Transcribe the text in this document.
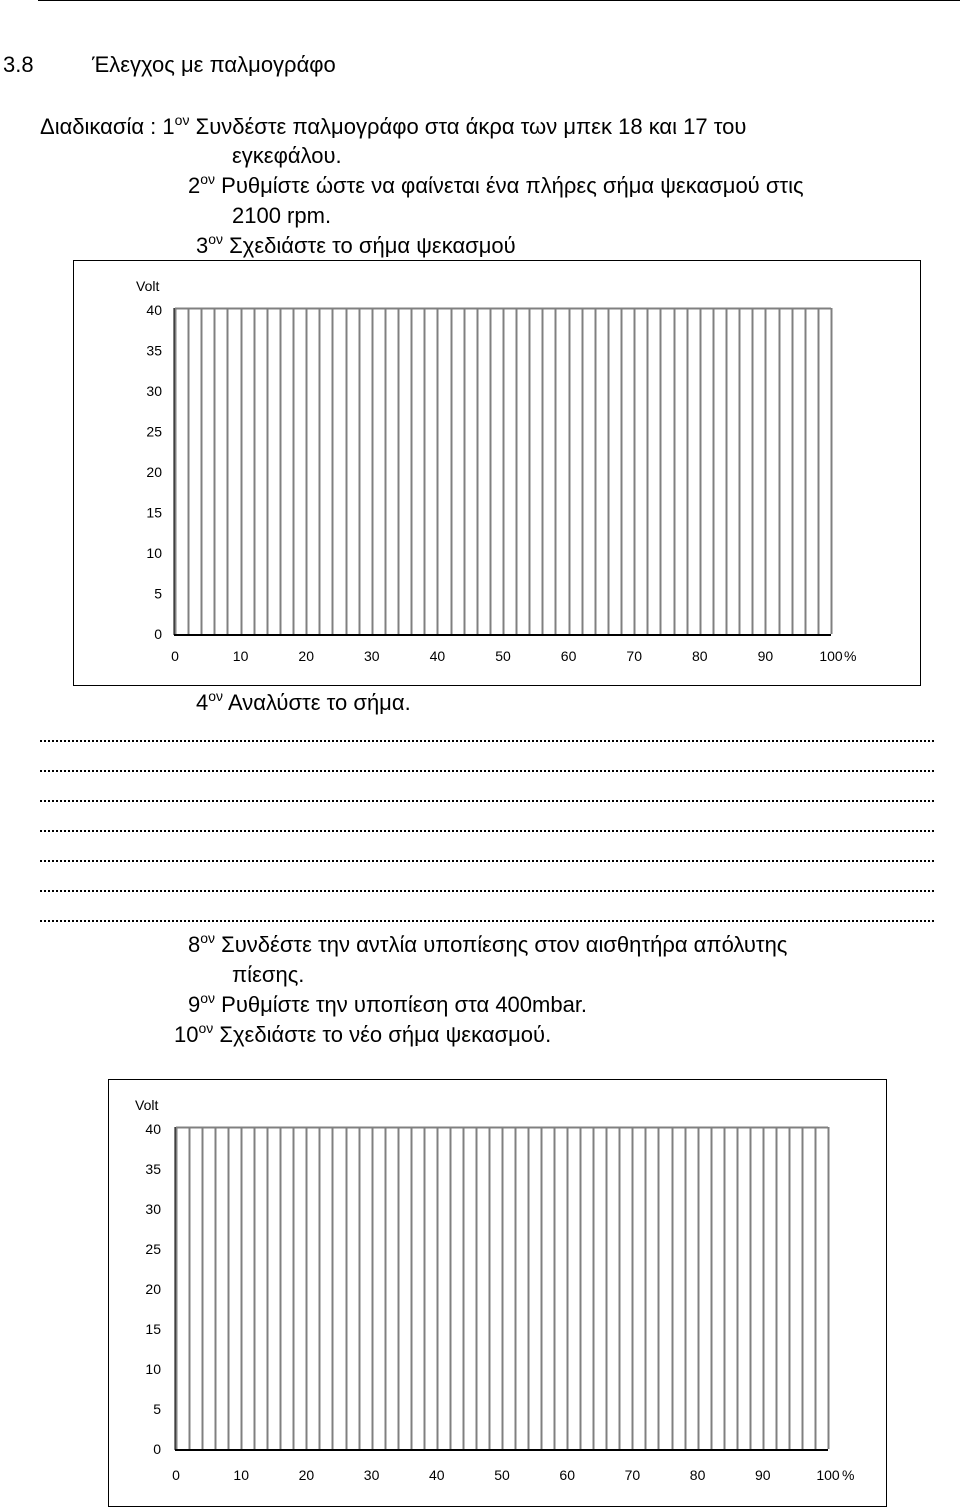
3.8	Έλεγχος με παλμογράφο
Διαδικασία : $1^{o\nu}$ Συνδέστε παλμογράφο στα άκρα των μπεκ 18 και 17 του
εγκεφάλου.
$2^{o\nu}$ Ρυθμίστε ώστε να φαίνεται ένα πλήρες σήμα ψεκασμού στις
2100 rpm.
$3^{o\nu}$ Σχεδιάστε το σήμα ψεκασμού
0
5
10
15
20
25
30
35
40
0	10	20	30	40	50	60	70	80	90	100
Volt
%
$4^{o\nu}$ Αναλύστε το σήμα.
$8^{o\nu}$ Συνδέστε την αντλία υποπίεσης στον αισθητήρα απόλυτης
πίεσης.
$9^{o\nu}$ Ρυθμίστε την υποπίεση στα 400mbar.
$10^{o\nu}$ Σχεδιάστε το νέο σήμα ψεκασμού.
0
5
10
15
20
25
30
35
40
0	10	20	30	40	50	60	70	80	90	100
Volt
%
